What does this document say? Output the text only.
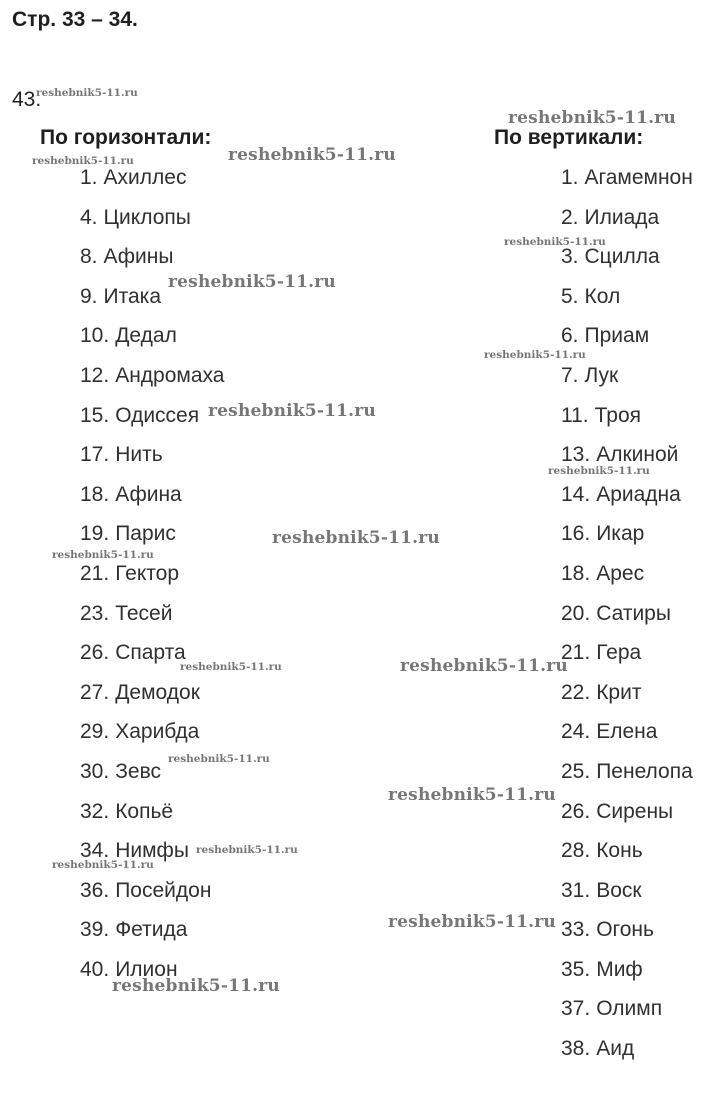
Стр. 33 – 34.
43.
По горизонтали:	По вертикали:
1. Ахиллес
4. Циклопы
8. Афины
9. Итака
10. Дедал
12. Андромаха
15. Одиссея
17. Нить
18. Афина
19. Парис
21. Гектор
23. Тесей
26. Спарта
27. Демодок
29. Харибда
30. Зевс
32. Копьё
34. Нимфы
36. Посейдон
39. Фетида
40. Илион
1. Агамемнон
2. Илиада
3. Сцилла
5. Кол
6. Приам
7. Лук
11. Троя
13. Алкиной
14. Ариадна
16. Икар
18. Арес
20. Сатиры
21. Гера
22. Крит
24. Елена
25. Пенелопа
26. Сирены
28. Конь
31. Воск
33. Огонь
35. Миф
37. Олимп
38. Аид
reshebnik5-11.ru
reshebnik5-11.ru
reshebnik5-11.ru	reshebnik5-11.ru
reshebnik5-11.ru
reshebnik5-11.ru
reshebnik5-11.ru
reshebnik5-11.ru
reshebnik5-11.ru
reshebnik5-11.ru
reshebnik5-11.ru
reshebnik5-11.ru	reshebnik5-11.ru
reshebnik5-11.ru
reshebnik5-11.ru
reshebnik5-11.ru
reshebnik5-11.ru
reshebnik5-11.ru
reshebnik5-11.ru
